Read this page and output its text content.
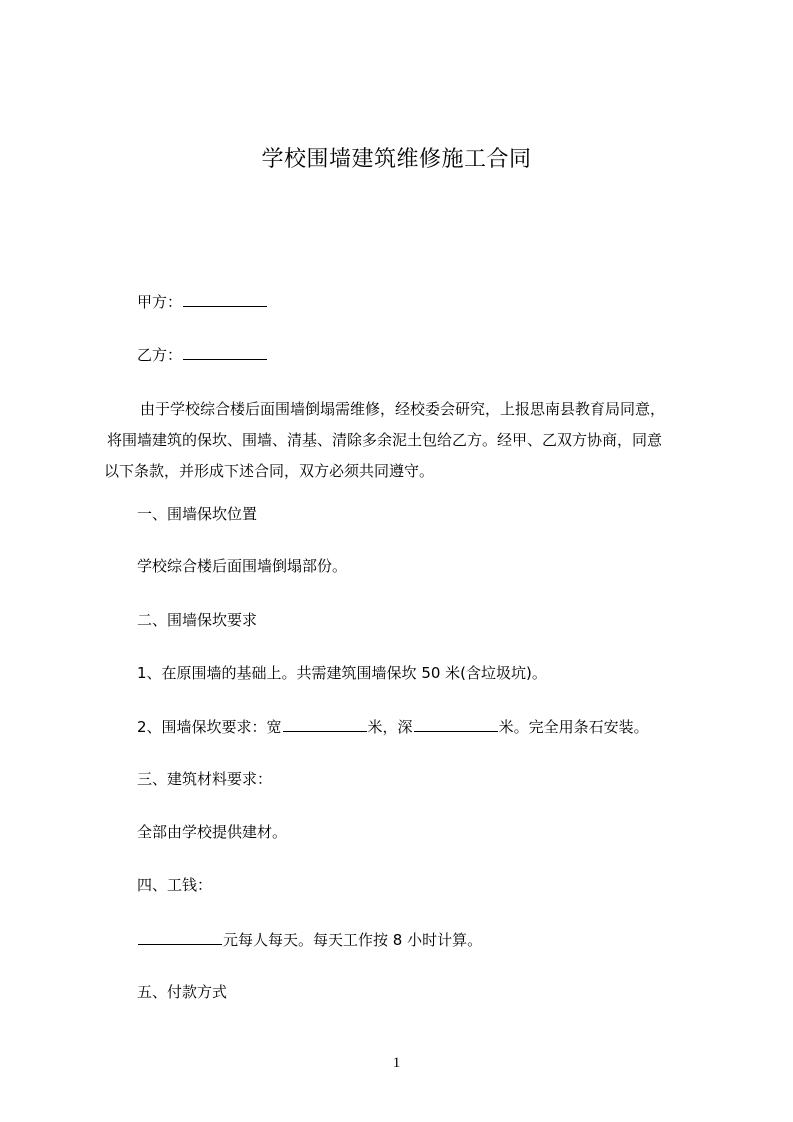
学校围墙建筑维修施工合同
甲方：
乙方：
由于学校综合楼后面围墙倒塌需维修，经校委会研究，上报思南县教育局同意，
将围墙建筑的保坎、围墙、清基、清除多余泥土包给乙方。经甲、乙双方协商，同意
以下条款，并形成下述合同，双方必须共同遵守。
一、围墙保坎位置
学校综合楼后面围墙倒塌部份。
二、围墙保坎要求
1、在原围墙的基础上。共需建筑围墙保坎 50 米(含垃圾坑)。
2、围墙保坎要求：宽	米，深	米。完全用条石安装。
三、建筑材料要求：
全部由学校提供建材。
四、工钱：
元每人每天。每天工作按 8 小时计算。
五、付款方式
1
